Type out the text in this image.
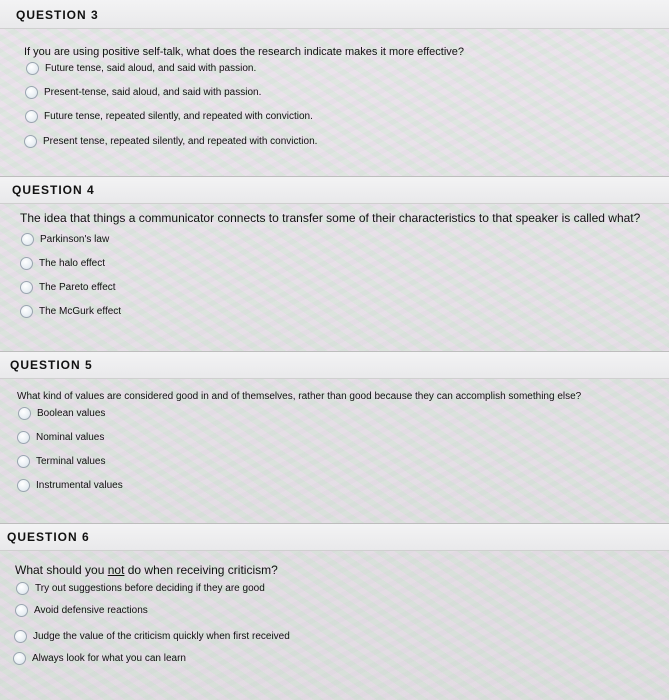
QUESTION 3
If you are using positive self-talk, what does the research indicate makes it more effective?
Future tense, said aloud, and said with passion.
Present-tense, said aloud, and said with passion.
Future tense, repeated silently, and repeated with conviction.
Present tense, repeated silently, and repeated with conviction.
QUESTION 4
The idea that things a communicator connects to transfer some of their characteristics to that speaker is called what?
Parkinson's law
The halo effect
The Pareto effect
The McGurk effect
QUESTION 5
What kind of values are considered good in and of themselves, rather than good because they can accomplish something else?
Boolean values
Nominal values
Terminal values
Instrumental values
QUESTION 6
What should you not do when receiving criticism?
Try out suggestions before deciding if they are good
Avoid defensive reactions
Judge the value of the criticism quickly when first received
Always look for what you can learn
